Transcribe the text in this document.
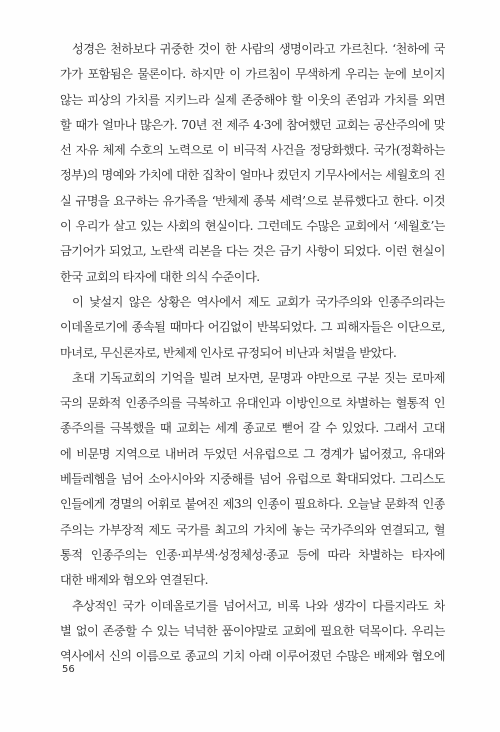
성경은 천하보다 귀중한 것이 한 사람의 생명이라고 가르친다. ‘천하에 국
가가 포함됨은 물론이다. 하지만 이 가르침이 무색하게 우리는 눈에 보이지
않는 피상의 가치를 지키느라 실제 존중해야 할 이웃의 존엄과 가치를 외면
할 때가 얼마나 많은가. 70년 전 제주 4·3에 참여했던 교회는 공산주의에 맞
선 자유 체제 수호의 노력으로 이 비극적 사건을 정당화했다. 국가(정확하는
정부)의 명예와 가치에 대한 집착이 얼마나 컸던지 기무사에서는 세월호의 진
실 규명을 요구하는 유가족을 ‘반체제 종북 세력’으로 분류했다고 한다. 이것
이 우리가 살고 있는 사회의 현실이다. 그런데도 수많은 교회에서 ‘세월호’는
금기어가 되었고, 노란색 리본을 다는 것은 금기 사항이 되었다. 이런 현실이
한국 교회의 타자에 대한 의식 수준이다.
이 낯설지 않은 상황은 역사에서 제도 교회가 국가주의와 인종주의라는
이데올로기에 종속될 때마다 어김없이 반복되었다. 그 피해자들은 이단으로,
마녀로, 무신론자로, 반체제 인사로 규정되어 비난과 처벌을 받았다.
초대 기독교회의 기억을 빌려 보자면, 문명과 야만으로 구분 짓는 로마제
국의 문화적 인종주의를 극복하고 유대인과 이방인으로 차별하는 혈통적 인
종주의를 극복했을 때 교회는 세계 종교로 뻗어 갈 수 있었다. 그래서 고대
에 비문명 지역으로 내버려 두었던 서유럽으로 그 경계가 넓어졌고, 유대와
베들레헴을 넘어 소아시아와 지중해를 넘어 유럽으로 확대되었다. 그리스도
인들에게 경멸의 어휘로 붙여진 제3의 인종이 필요하다. 오늘날 문화적 인종
주의는 가부장적 제도 국가를 최고의 가치에 놓는 국가주의와 연결되고, 혈
통적 인종주의는 인종·피부색·성정체성·종교 등에 따라 차별하는 타자에
대한 배제와 혐오와 연결된다.
추상적인 국가 이데올로기를 넘어서고, 비록 나와 생각이 다를지라도 차
별 없이 존중할 수 있는 넉넉한 품이야말로 교회에 필요한 덕목이다. 우리는
역사에서 신의 이름으로 종교의 기치 아래 이루어졌던 수많은 배제와 혐오에
56
